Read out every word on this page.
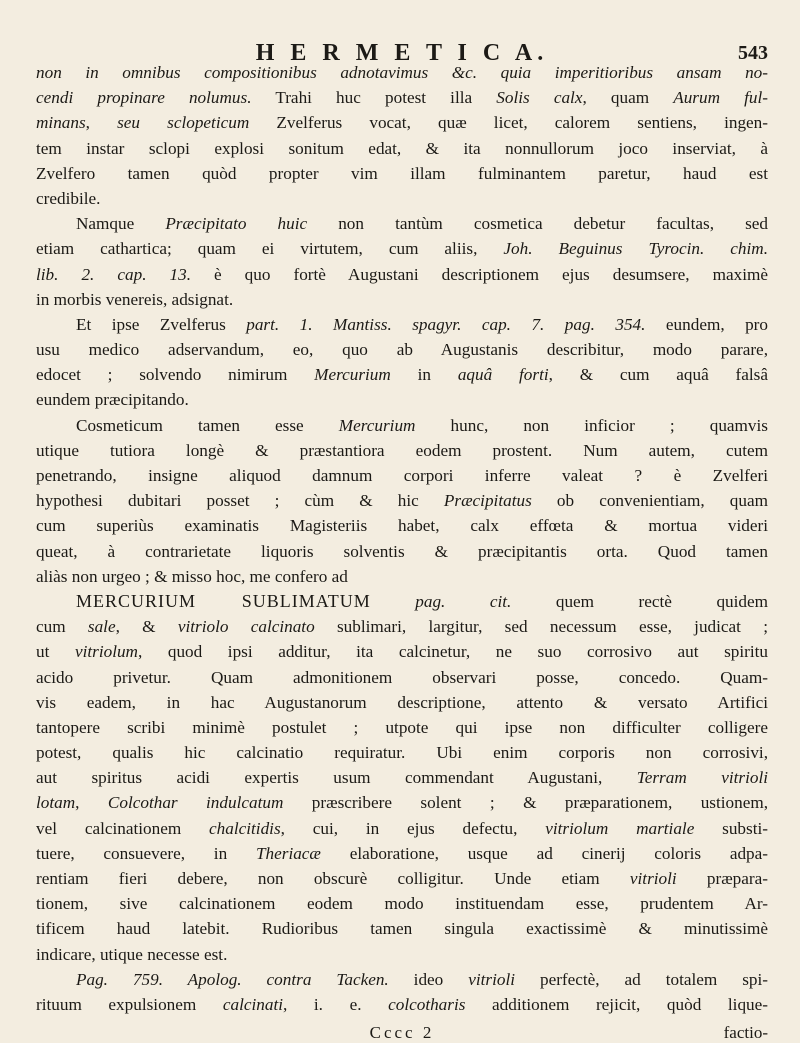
H E R M E T I C A.	543
non in omnibus compositionibus adnotavimus &c. quia imperitioribus ansam no-
cendi propinare nolumus. Trahi huc potest illa Solis calx, quam Aurum ful-
minans, seu sclopeticum Zvelferus vocat, quæ licet, calorem sentiens, ingen-
tem instar sclopi explosi sonitum edat, & ita nonnullorum joco inserviat, à
Zvelfero tamen quòd propter vim illam fulminantem paretur, haud est
credibile.
Namque Præcipitato huic non tantùm cosmetica debetur facultas, sed
etiam cathartica; quam ei virtutem, cum aliis, Joh. Beguinus Tyrocin. chim.
lib. 2. cap. 13. è quo fortè Augustani descriptionem ejus desumsere, maximè
in morbis venereis, adsignat.
Et ipse Zvelferus part. 1. Mantiss. spagyr. cap. 7. pag. 354. eundem, pro
usu medico adservandum, eo, quo ab Augustanis describitur, modo parare,
edocet ; solvendo nimirum Mercurium in aquâ forti, & cum aquâ falsâ
eundem præcipitando.
Cosmeticum tamen esse Mercurium hunc, non inficior ; quamvis
utique tutiora longè & præstantiora eodem prostent. Num autem, cutem
penetrando, insigne aliquod damnum corpori inferre valeat ? è Zvelferi
hypothesi dubitari posset ; cùm & hic Præcipitatus ob convenientiam, quam
cum superiùs examinatis Magisteriis habet, calx effœta & mortua videri
queat, à contrarietate liquoris solventis & præcipitantis orta. Quod tamen
aliàs non urgeo ; & misso hoc, me confero ad
MERCURIUM SUBLIMATUM	pag. cit. quem rectè quidem
cum sale, & vitriolo calcinato sublimari, largitur, sed necessum esse, judicat ;
ut vitriolum, quod ipsi additur, ita calcinetur, ne suo corrosivo aut spiritu
acido privetur. Quam admonitionem observari posse, concedo. Quam-
vis eadem, in hac Augustanorum descriptione, attento & versato Artifici
tantopere scribi minimè postulet ; utpote qui ipse non difficulter colligere
potest, qualis hic calcinatio requiratur. Ubi enim corporis non corrosivi,
aut spiritus acidi expertis usum commendant Augustani, Terram vitrioli
lotam, Colcothar indulcatum præscribere solent ; & præparationem, ustionem,
vel calcinationem chalcitidis, cui, in ejus defectu, vitriolum martiale substi-
tuere, consuevere, in Theriacæ elaboratione, usque ad cinerij coloris adpa-
rentiam fieri debere, non obscurè colligitur. Unde etiam vitrioli præpara-
tionem, sive calcinationem eodem modo instituendam esse, prudentem Ar-
tificem haud latebit. Rudioribus tamen singula exactissimè & minutissimè
indicare, utique necesse est.
Pag. 759. Apolog. contra Tacken. ideo vitrioli perfectè, ad totalem spi-
rituum expulsionem calcinati, i. e. colcotharis additionem rejicit, quòd lique-
Cccc 2	factio-
